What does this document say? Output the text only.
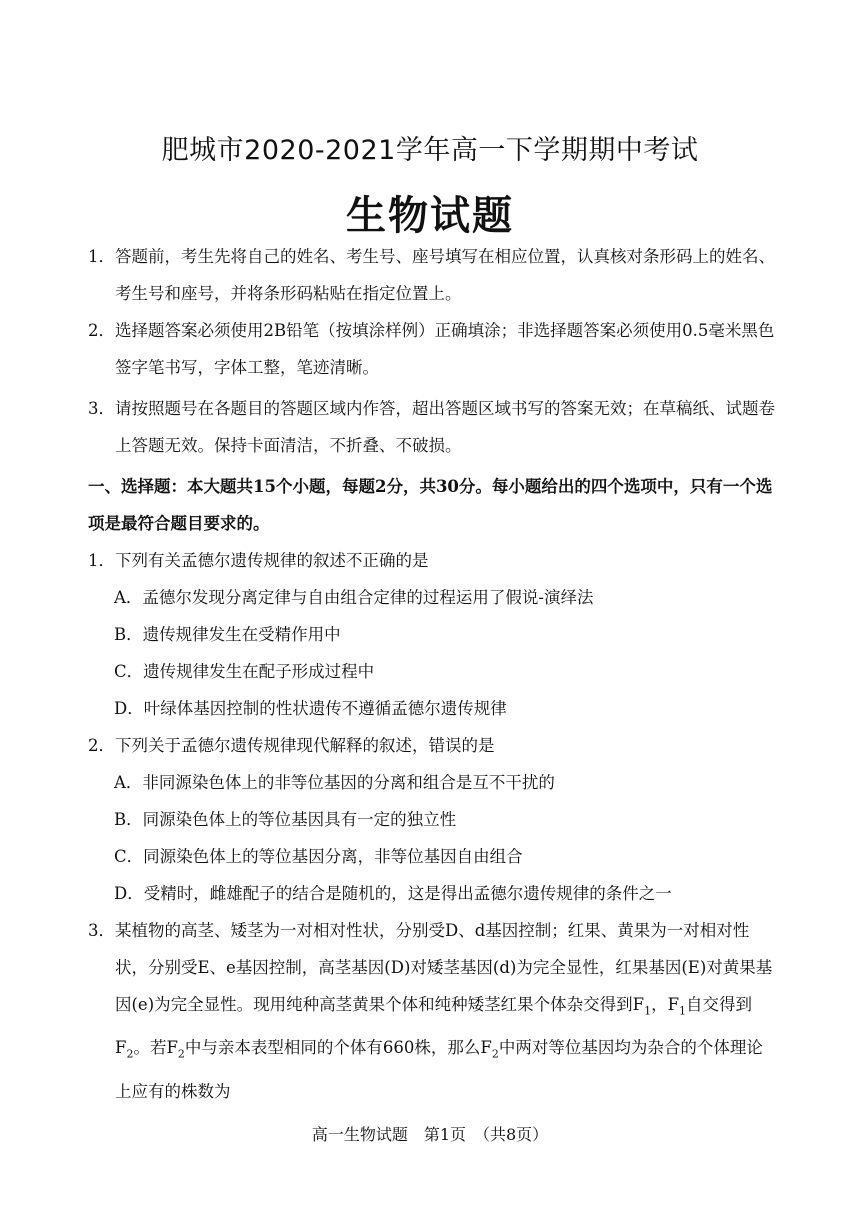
肥城市2020-2021学年高一下学期期中考试
生物试题
1． 答题前，考生先将自己的姓名、考生号、座号填写在相应位置，认真核对条形码上的姓名、考生号和座号，并将条形码粘贴在指定位置上。
2． 选择题答案必须使用2B铅笔（按填涂样例）正确填涂；非选择题答案必须使用0.5毫米黑色签字笔书写，字体工整，笔迹清晰。
3． 请按照题号在各题目的答题区域内作答，超出答题区域书写的答案无效；在草稿纸、试题卷上答题无效。保持卡面清洁，不折叠、不破损。
一、选择题：本大题共15个小题，每题2分，共30分。每小题给出的四个选项中，只有一个选项是最符合题目要求的。
1． 下列有关孟德尔遗传规律的叙述不正确的是
A． 孟德尔发现分离定律与自由组合定律的过程运用了假说-演绎法
B． 遗传规律发生在受精作用中
C． 遗传规律发生在配子形成过程中
D． 叶绿体基因控制的性状遗传不遵循孟德尔遗传规律
2． 下列关于孟德尔遗传规律现代解释的叙述，错误的是
A． 非同源染色体上的非等位基因的分离和组合是互不干扰的
B． 同源染色体上的等位基因具有一定的独立性
C． 同源染色体上的等位基因分离，非等位基因自由组合
D． 受精时，雌雄配子的结合是随机的，这是得出孟德尔遗传规律的条件之一
3． 某植物的高茎、矮茎为一对相对性状，分别受D、d基因控制；红果、黄果为一对相对性状，分别受E、e基因控制，高茎基因(D)对矮茎基因(d)为完全显性，红果基因(E)对黄果基因(e)为完全显性。现用纯种高茎黄果个体和纯种矮茎红果个体杂交得到$F_1$，$F_1$自交得到$F_2$。若$F_2$中与亲本表型相同的个体有660株，那么$F_2$中两对等位基因均为杂合的个体理论上应有的株数为
高一生物试题　第1页　（共8页）
